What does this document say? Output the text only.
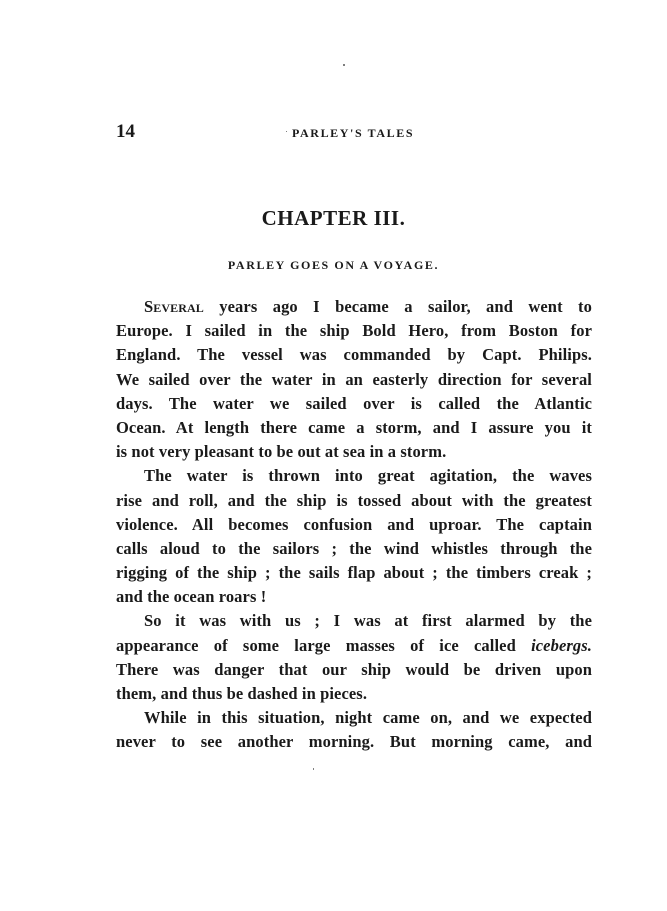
14	PARLEY'S TALES
CHAPTER III.
PARLEY GOES ON A VOYAGE.
Several years ago I became a sailor, and went to
Europe. I sailed in the ship Bold Hero, from Boston for
England. The vessel was commanded by Capt. Philips.
We sailed over the water in an easterly direction for several
days. The water we sailed over is called the Atlantic
Ocean. At length there came a storm, and I assure you it
is not very pleasant to be out at sea in a storm.
The water is thrown into great agitation, the waves
rise and roll, and the ship is tossed about with the greatest
violence. All becomes confusion and uproar. The captain
calls aloud to the sailors ; the wind whistles through the
rigging of the ship ; the sails flap about ; the timbers creak ;
and the ocean roars !
So it was with us ; I was at first alarmed by the
appearance of some large masses of ice called icebergs.
There was danger that our ship would be driven upon
them, and thus be dashed in pieces.
While in this situation, night came on, and we expected
never to see another morning. But morning came, and
